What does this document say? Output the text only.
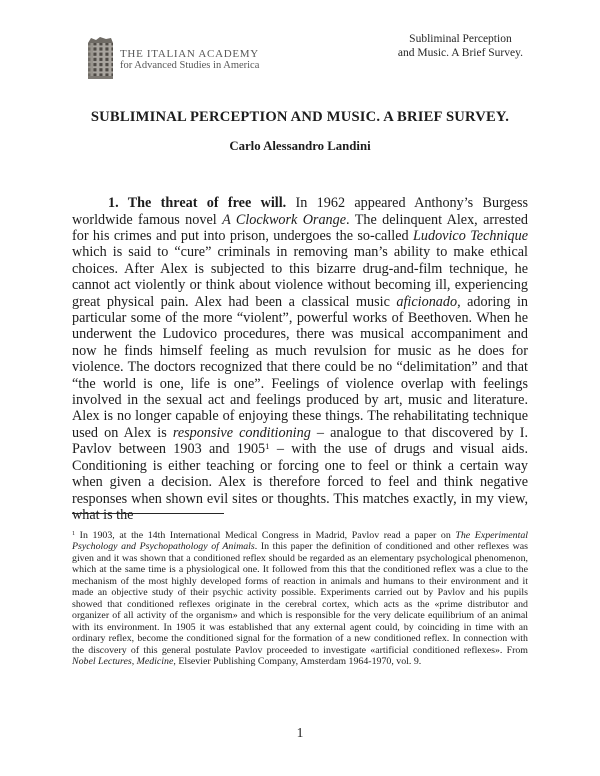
THE ITALIAN ACADEMY
for Advanced Studies in America
Subliminal Perception
and Music. A Brief Survey.
SUBLIMINAL PERCEPTION AND MUSIC. A BRIEF SURVEY.
Carlo Alessandro Landini

1. The threat of free will. In 1962 appeared Anthony’s Burgess worldwide famous novel A Clockwork Orange. The delinquent Alex, arrested for his crimes and put into prison, undergoes the so-called Ludovico Technique which is said to “cure” criminals in removing man’s ability to make ethical choices. After Alex is subjected to this bizarre drug-and-film technique, he cannot act violently or think about violence without becoming ill, experiencing great physical pain. Alex had been a classical music aficionado, adoring in particular some of the more “violent”, powerful works of Beethoven. When he underwent the Ludovico procedures, there was musical accompaniment and now he finds himself feeling as much revulsion for music as he does for violence. The doctors recognized that there could be no “delimitation” and that “the world is one, life is one”. Feelings of violence overlap with feelings involved in the sexual act and feelings produced by art, music and literature. Alex is no longer capable of enjoying these things. The rehabilitating technique used on Alex is responsive conditioning – analogue to that discovered by I. Pavlov between 1903 and 1905$^1$ – with the use of drugs and visual aids. Conditioning is either teaching or forcing one to feel or think a certain way when given a decision. Alex is therefore forced to feel and think negative responses when shown evil sites or thoughts. This matches exactly, in my view, what is the

$^1$ In 1903, at the 14th International Medical Congress in Madrid, Pavlov read a paper on The Experimental Psychology and Psychopathology of Animals. In this paper the definition of conditioned and other reflexes was given and it was shown that a conditioned reflex should be regarded as an elementary psychological phenomenon, which at the same time is a physiological one. It followed from this that the conditioned reflex was a clue to the mechanism of the most highly developed forms of reaction in animals and humans to their environment and it made an objective study of their psychic activity possible. Experiments carried out by Pavlov and his pupils showed that conditioned reflexes originate in the cerebral cortex, which acts as the «prime distributor and organizer of all activity of the organism» and which is responsible for the very delicate equilibrium of an animal with its environment. In 1905 it was established that any external agent could, by coinciding in time with an ordinary reflex, become the conditioned signal for the formation of a new conditioned reflex. In connection with the discovery of this general postulate Pavlov proceeded to investigate «artificial conditioned reflexes». From Nobel Lectures, Medicine, Elsevier Publishing Company, Amsterdam 1964-1970, vol. 9.

1
